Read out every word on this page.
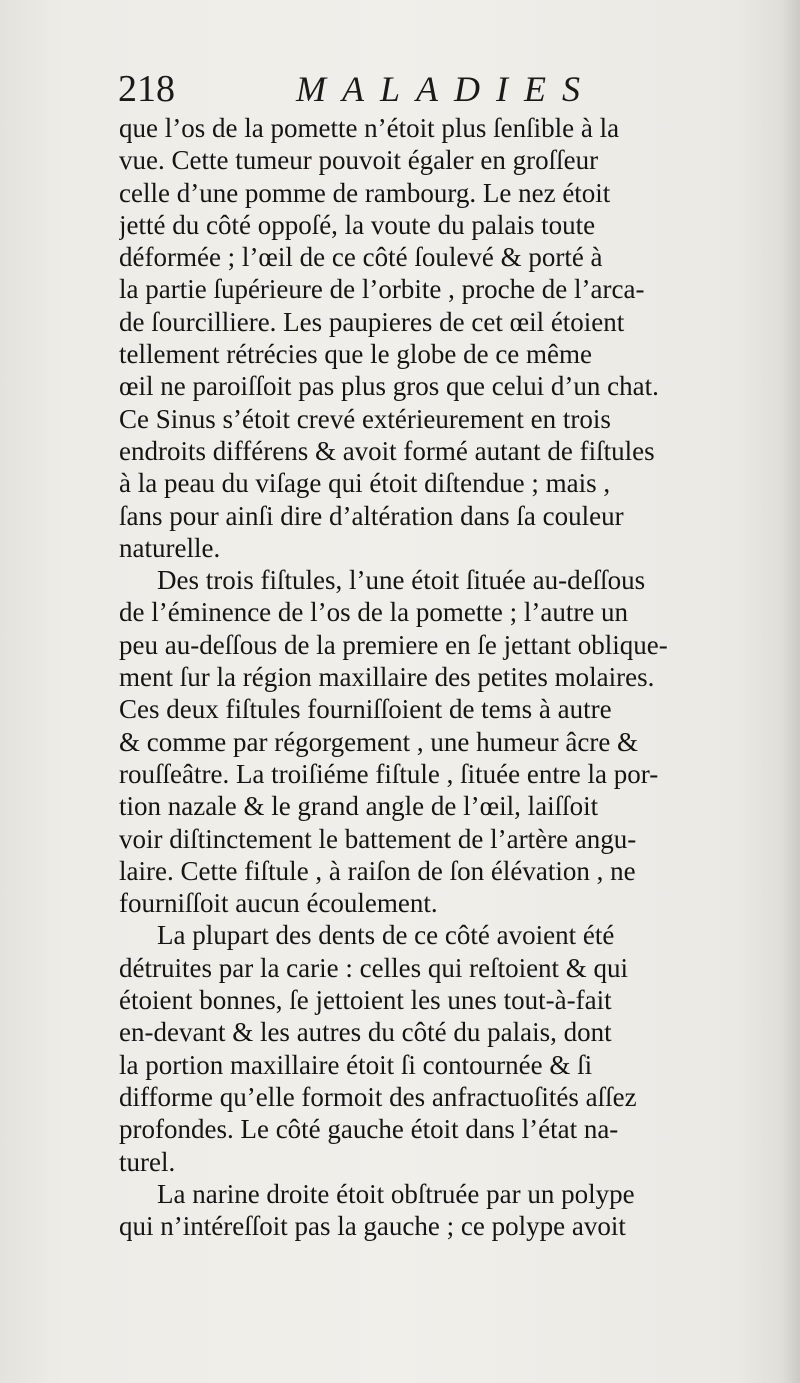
218	MALADIES
que l’os de la pomette n’étoit plus ſenſible à la
vue. Cette tumeur pouvoit égaler en groſſeur
celle d’une pomme de rambourg. Le nez étoit
jetté du côté oppoſé, la voute du palais toute
déformée ; l’œil de ce côté ſoulevé & porté à
la partie ſupérieure de l’orbite , proche de l’arca-
de ſourcilliere. Les paupieres de cet œil étoient
tellement rétrécies que le globe de ce même
œil ne paroiſſoit pas plus gros que celui d’un chat.
Ce Sinus s’étoit crevé extérieurement en trois
endroits différens & avoit formé autant de fiſtules
à la peau du viſage qui étoit diſtendue ; mais ,
ſans pour ainſi dire d’altération dans ſa couleur
naturelle.
Des trois fiſtules, l’une étoit ſituée au-deſſous
de l’éminence de l’os de la pomette ; l’autre un
peu au-deſſous de la premiere en ſe jettant oblique-
ment ſur la région maxillaire des petites molaires.
Ces deux fiſtules fourniſſoient de tems à autre
& comme par régorgement , une humeur âcre &
rouſſeâtre. La troiſiéme fiſtule , ſituée entre la por-
tion nazale & le grand angle de l’œil, laiſſoit
voir diſtinctement le battement de l’artère angu-
laire. Cette fiſtule , à raiſon de ſon élévation , ne
fourniſſoit aucun écoulement.
La plupart des dents de ce côté avoient été
détruites par la carie : celles qui reſtoient & qui
étoient bonnes, ſe jettoient les unes tout-à-fait
en-devant & les autres du côté du palais, dont
la portion maxillaire étoit ſi contournée & ſi
difforme qu’elle formoit des anfractuoſités aſſez
profondes. Le côté gauche étoit dans l’état na-
turel.
La narine droite étoit obſtruée par un polype
qui n’intéreſſoit pas la gauche ; ce polype avoit
